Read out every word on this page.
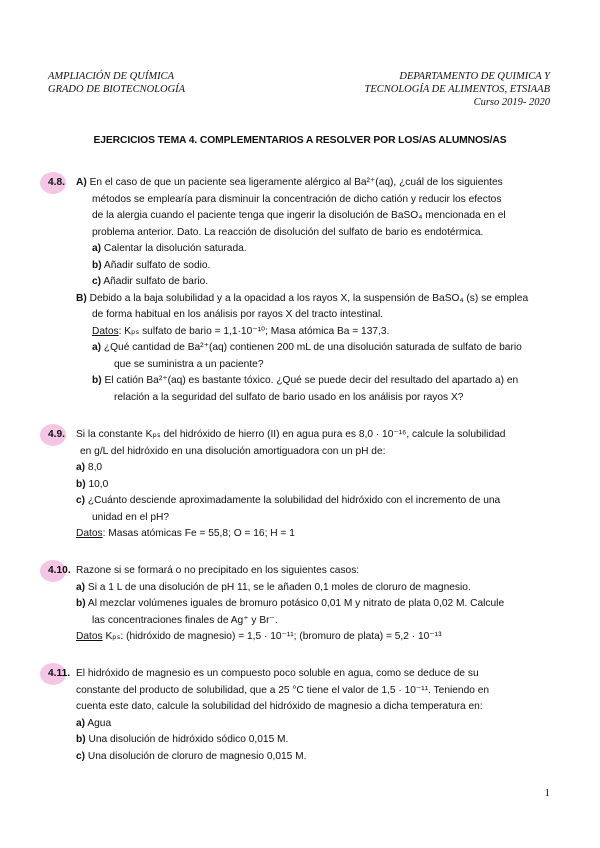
AMPLIACIÓN DE QUÍMICA
GRADO DE BIOTECNOLOGÍA
DEPARTAMENTO DE QUIMICA Y
TECNOLOGÍA DE ALIMENTOS, ETSIAAB
Curso 2019- 2020
EJERCICIOS TEMA 4. COMPLEMENTARIOS A RESOLVER POR LOS/AS ALUMNOS/AS
4.8. A) En el caso de que un paciente sea ligeramente alérgico al Ba²⁺(aq), ¿cuál de los siguientes
métodos se emplearía para disminuir la concentración de dicho catión y reducir los efectos
de la alergia cuando el paciente tenga que ingerir la disolución de BaSO₄ mencionada en el
problema anterior. Dato. La reacción de disolución del sulfato de bario es endotérmica.
a) Calentar la disolución saturada.
b) Añadir sulfato de sodio.
c) Añadir sulfato de bario.
B) Debido a la baja solubilidad y a la opacidad a los rayos X, la suspensión de BaSO₄ (s) se emplea
de forma habitual en los análisis por rayos X del tracto intestinal.
Datos: Kₚₛ sulfato de bario = 1,1·10⁻¹⁰; Masa atómica Ba = 137,3.
a) ¿Qué cantidad de Ba²⁺(aq) contienen 200 mL de una disolución saturada de sulfato de bario
que se suministra a un paciente?
b) El catión Ba²⁺(aq) es bastante tóxico. ¿Qué se puede decir del resultado del apartado a) en
relación a la seguridad del sulfato de bario usado en los análisis por rayos X?
4.9. Si la constante Kₚₛ del hidróxido de hierro (II) en agua pura es 8,0 · 10⁻¹⁶, calcule la solubilidad
en g/L del hidróxido en una disolución amortiguadora con un pH de:
a) 8,0
b) 10,0
c) ¿Cuánto desciende aproximadamente la solubilidad del hidróxido con el incremento de una
unidad en el pH?
Datos: Masas atómicas Fe = 55,8; O = 16; H = 1
4.10. Razone si se formará o no precipitado en los siguientes casos:
a) Si a 1 L de una disolución de pH 11, se le añaden 0,1 moles de cloruro de magnesio.
b) Al mezclar volúmenes iguales de bromuro potásico 0,01 M y nitrato de plata 0,02 M. Calcule
las concentraciones finales de Ag⁺ y Br⁻.
Datos Kₚₛ: (hidróxido de magnesio) = 1,5 · 10⁻¹¹; (bromuro de plata) = 5,2 · 10⁻¹³
4.11. El hidróxido de magnesio es un compuesto poco soluble en agua, como se deduce de su
constante del producto de solubilidad, que a 25 °C tiene el valor de 1,5 · 10⁻¹¹. Teniendo en
cuenta este dato, calcule la solubilidad del hidróxido de magnesio a dicha temperatura en:
a) Agua
b) Una disolución de hidróxido sódico 0,015 M.
c) Una disolución de cloruro de magnesio 0,015 M.
1
